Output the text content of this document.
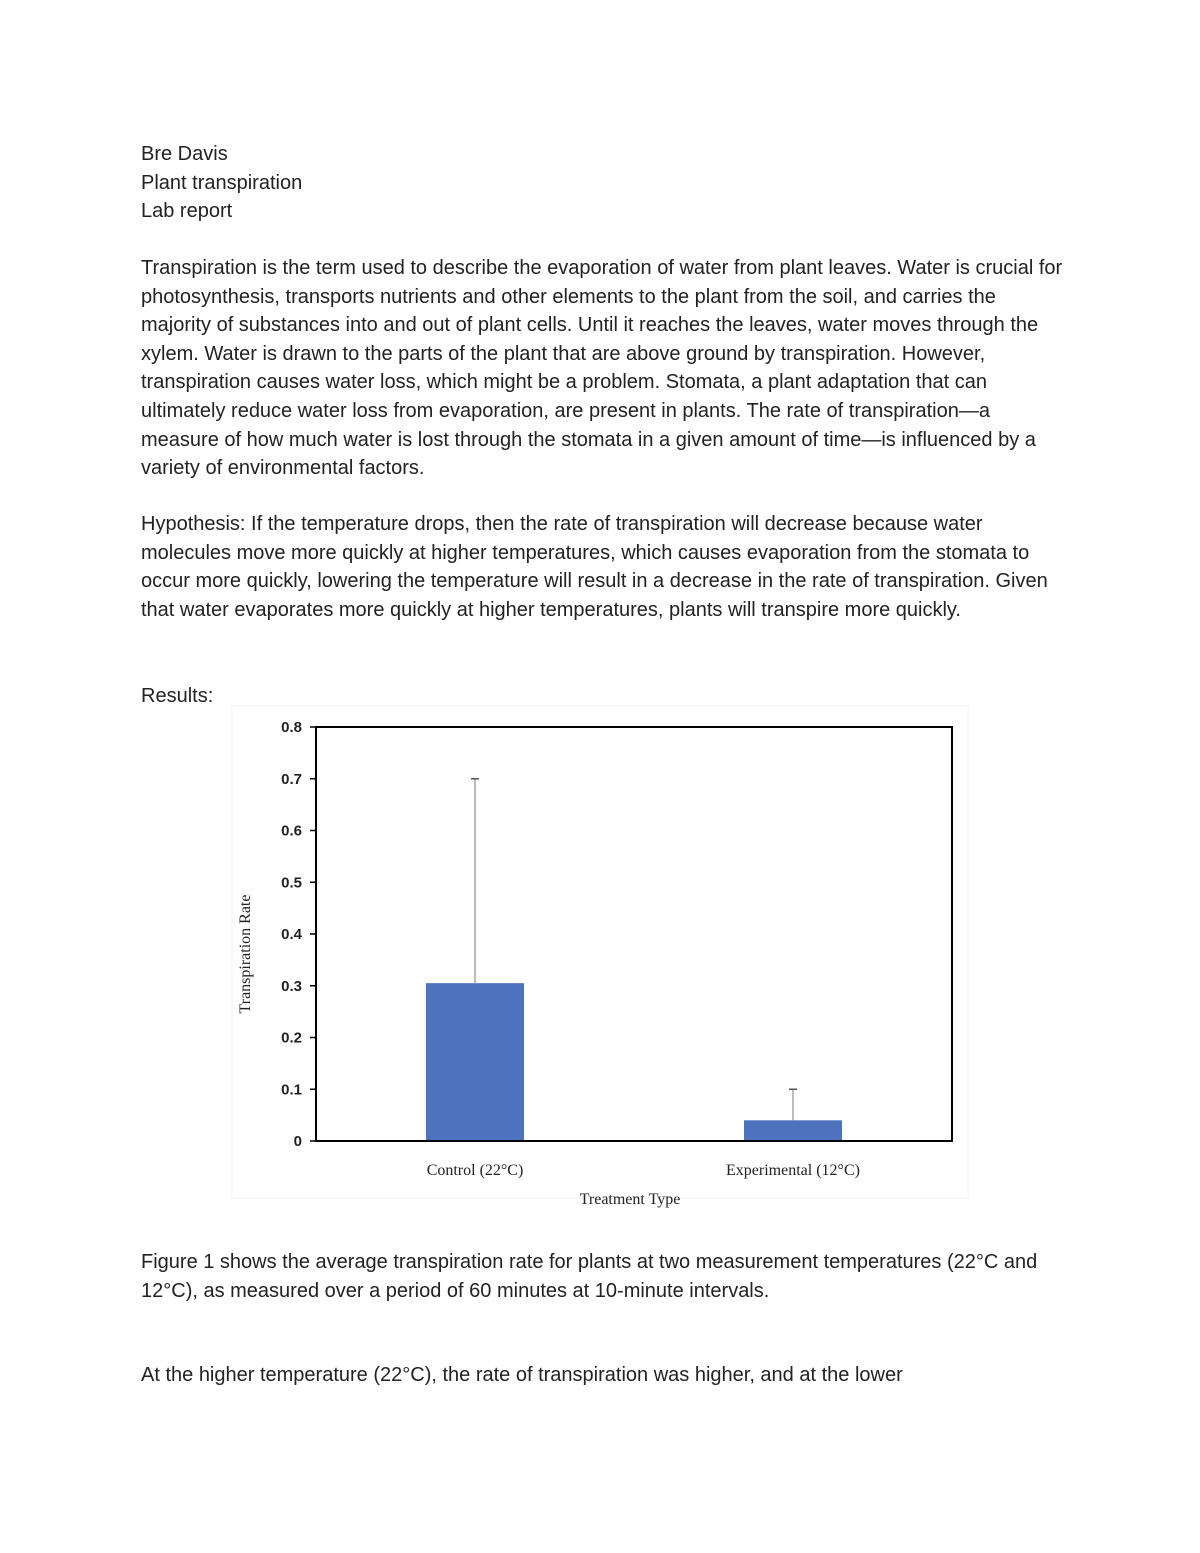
Bre Davis

Plant transpiration

Lab report

Transpiration is the term used to describe the evaporation of water from plant leaves. Water is crucial for photosynthesis, transports nutrients and other elements to the plant from the soil, and carries the majority of substances into and out of plant cells. Until it reaches the leaves, water moves through the xylem. Water is drawn to the parts of the plant that are above ground by transpiration. However, transpiration causes water loss, which might be a problem. Stomata, a plant adaptation that can ultimately reduce water loss from evaporation, are present in plants. The rate of transpiration—a measure of how much water is lost through the stomata in a given amount of time—is influenced by a variety of environmental factors.

Hypothesis: If the temperature drops, then the rate of transpiration will decrease because water molecules move more quickly at higher temperatures, which causes evaporation from the stomata to occur more quickly, lowering the temperature will result in a decrease in the rate of transpiration. Given that water evaporates more quickly at higher temperatures, plants will transpire more quickly.

Results:

0
0.1
0.2
0.3
0.4
0.5
0.6
0.7
0.8
Control (22°C)	Experimental (12°C)
Treatment Type
Transpiration Rate

Figure 1 shows the average transpiration rate for plants at two measurement temperatures (22°C and 12°C), as measured over a period of 60 minutes at 10-minute intervals.

At the higher temperature (22°C), the rate of transpiration was higher, and at the lower
